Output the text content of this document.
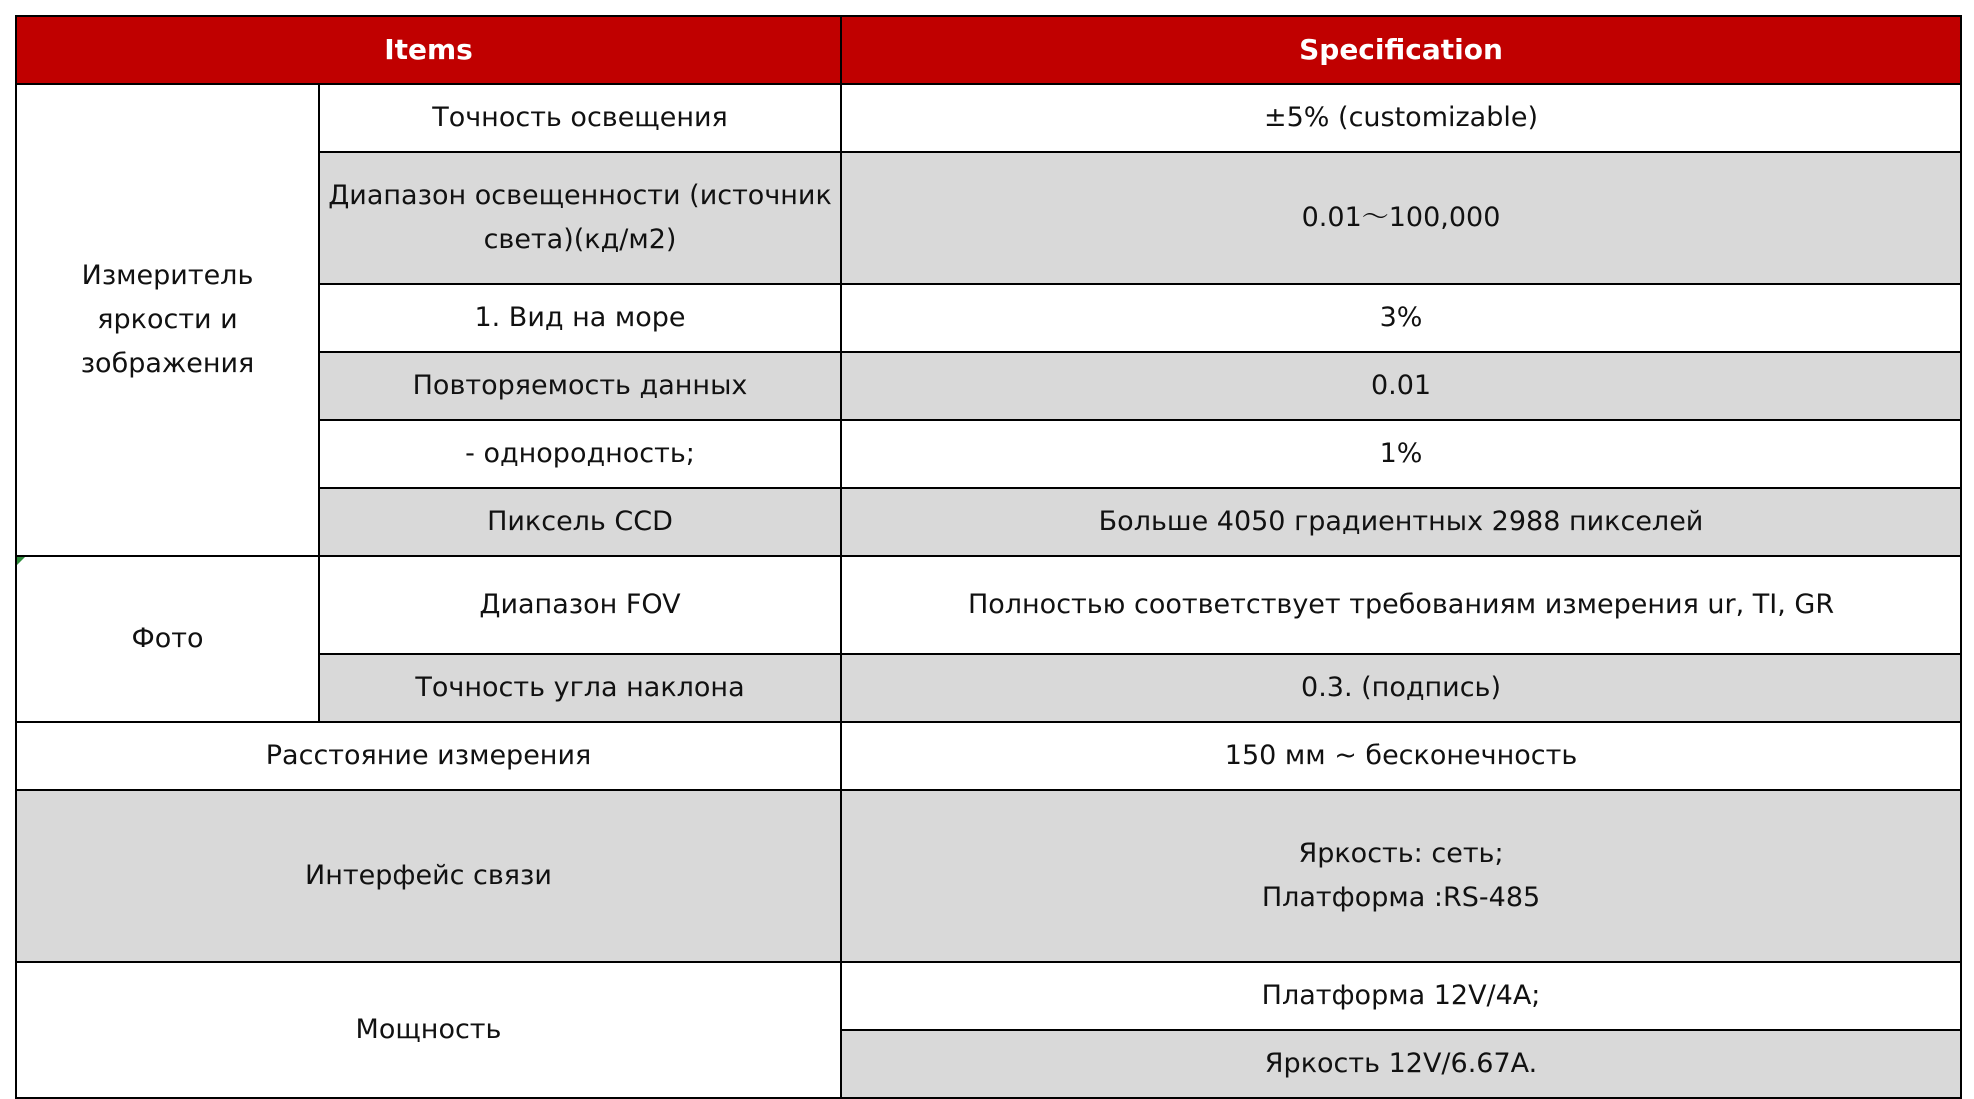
Items		Specification
Измеритель яркости и зображения	Точность освещения	±5% (customizable)
	Диапазон освещенности (источник света)(кд/м2)	0.01～100,000
	1. Вид на море	3%
	Повторяемость данных	0.01
	- однородность;	1%
	Пиксель CCD	Больше 4050 градиентных 2988 пикселей

Фото	Диапазон FOV	Полностью соответствует требованиям измерения ur, TI, GR
	Точность угла наклона	0.3. (подпись)
Расстояние измерения		150 мм ~ бесконечность
Интерфейс связи		Яркость: сеть;
Платформа :RS-485

Мощность		Платформа 12V/4A;
		Яркость 12V/6.67A.
